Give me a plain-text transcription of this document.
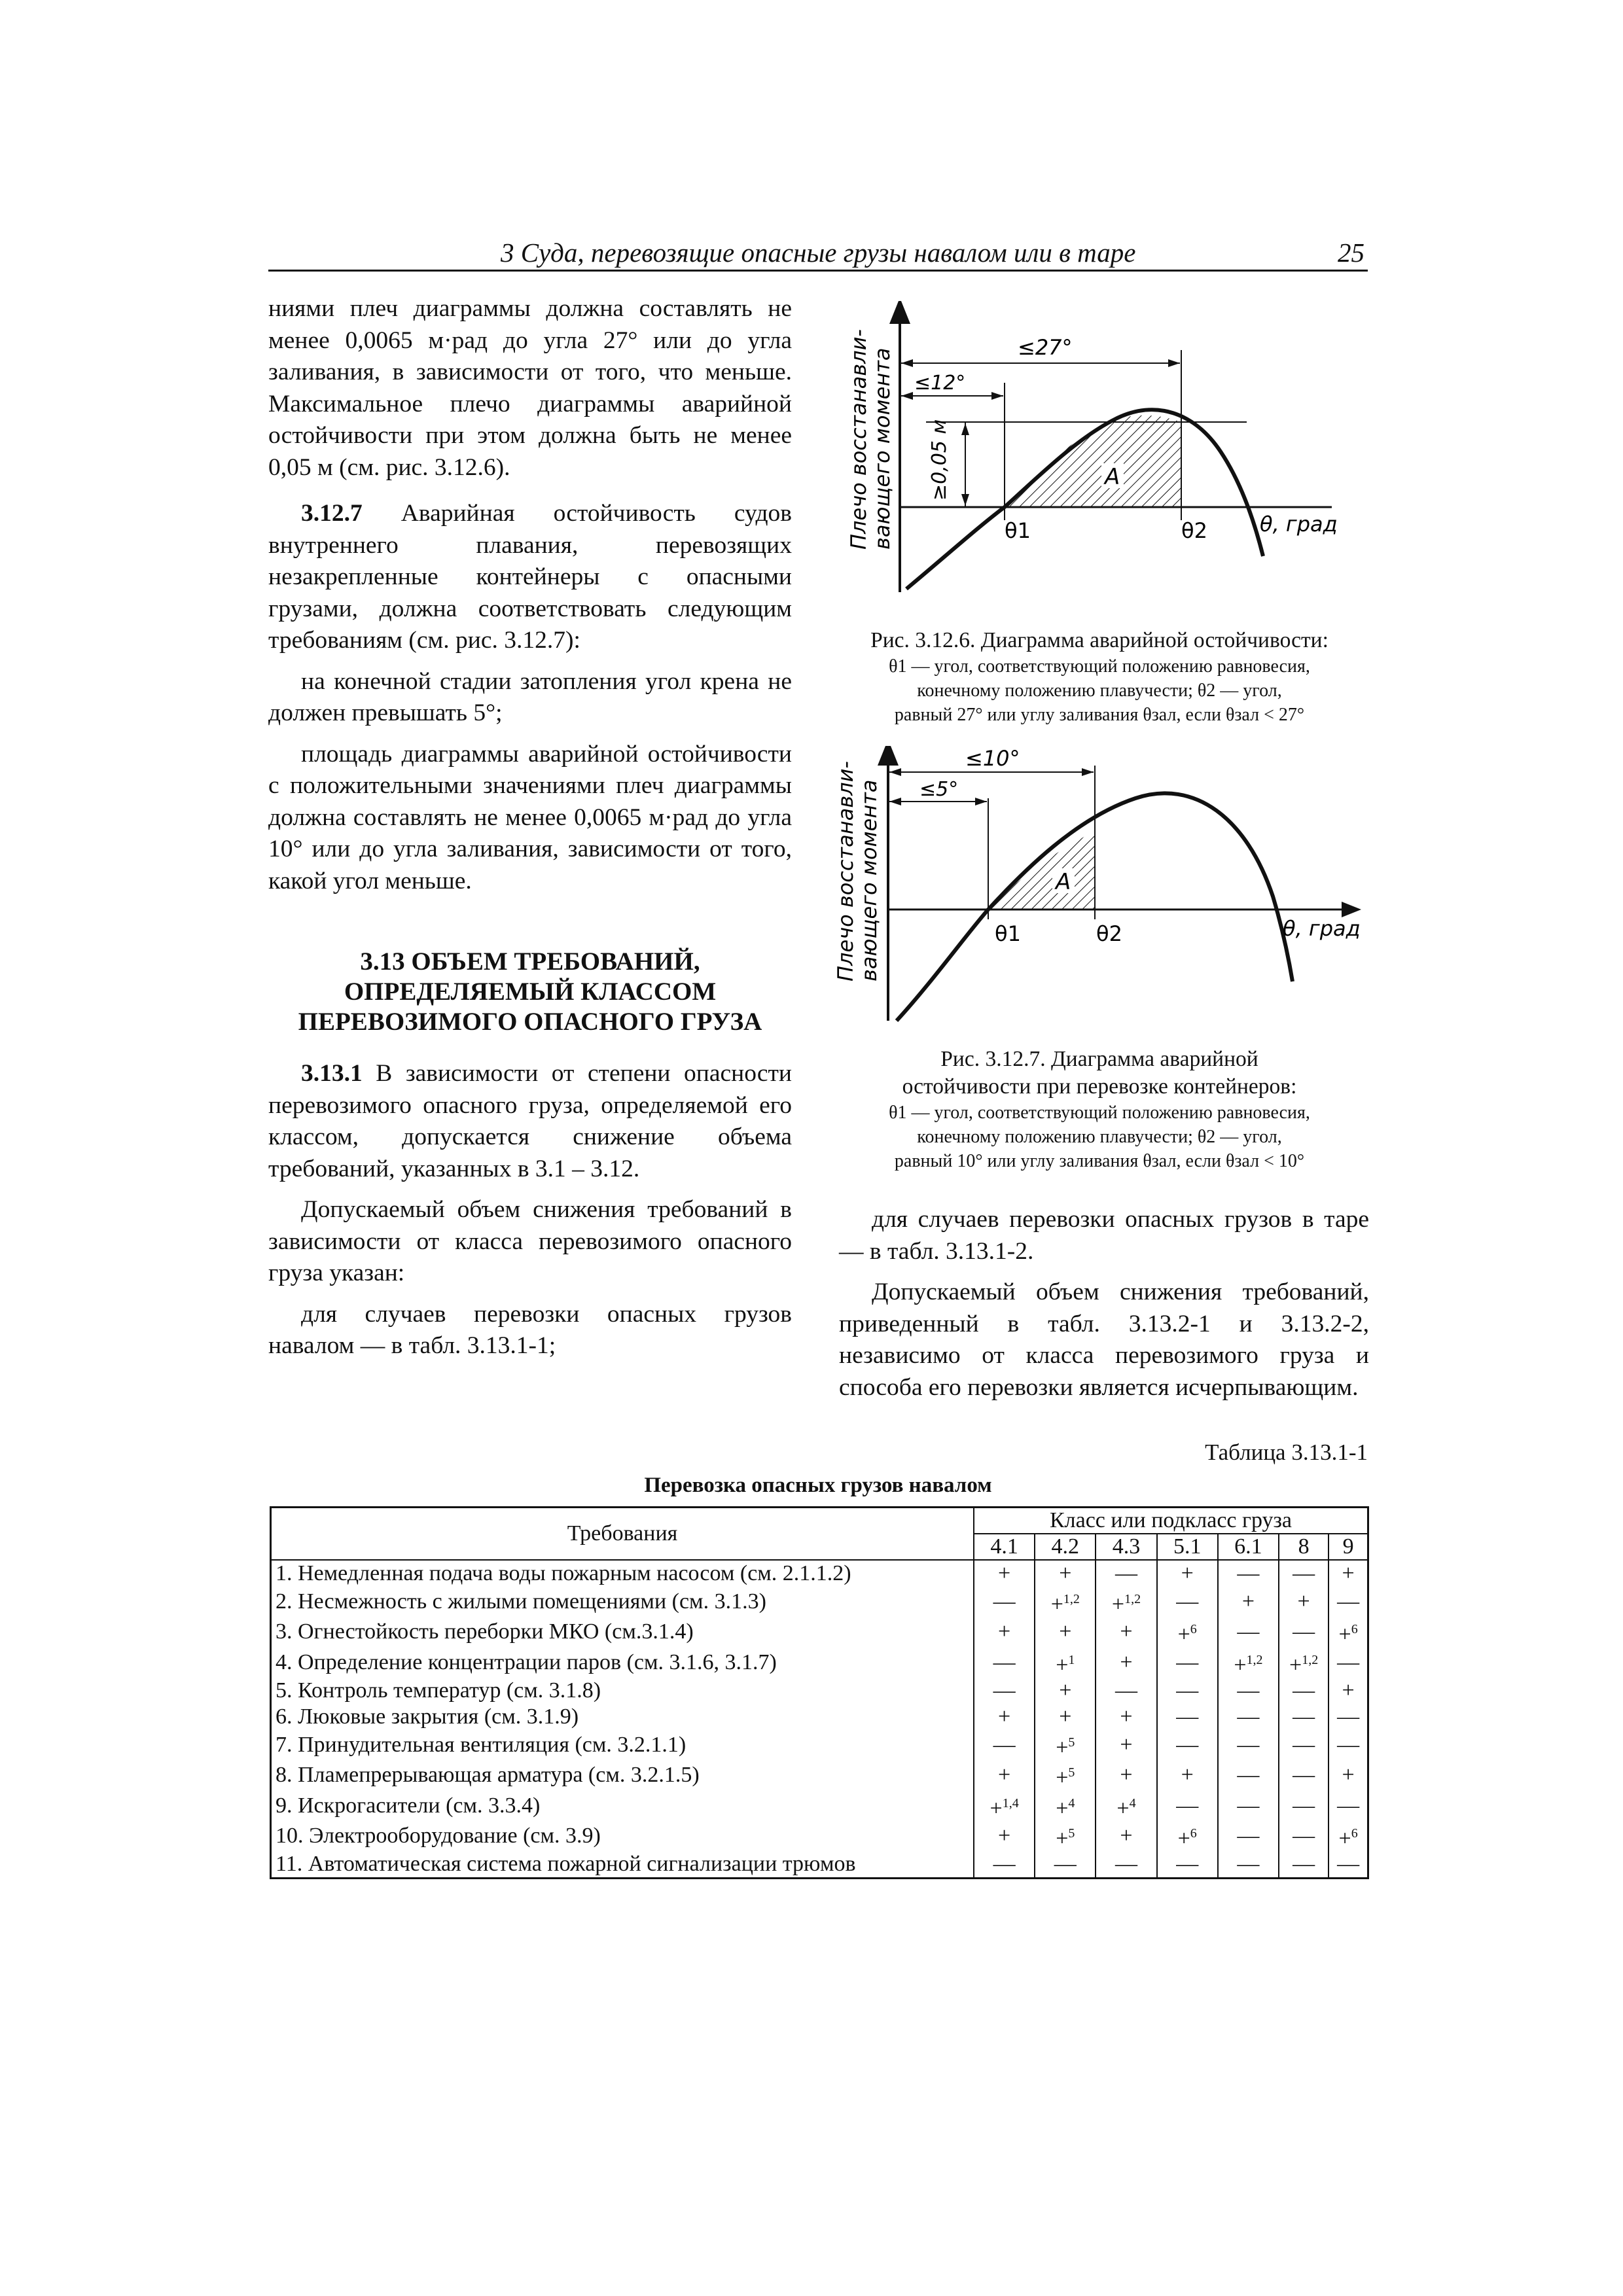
3 Суда, перевозящие опасные грузы навалом или в таре	25

ниями плеч диаграммы должна составлять не менее 0,0065 м·рад до угла 27° или до угла заливания, в зависимости от того, что меньше. Максимальное плечо диаграммы аварийной остойчивости при этом должна быть не менее 0,05 м (см. рис. 3.12.6).

3.12.7 Аварийная остойчивость судов внутреннего плавания, перевозящих незакрепленные контейнеры с опасными грузами, должна соответствовать следующим требованиям (см. рис. 3.12.7):

на конечной стадии затопления угол крена не должен превышать 5°;

площадь диаграммы аварийной остойчивости с положительными значениями плеч диаграммы должна составлять не менее 0,0065 м·рад до угла 10° или до угла заливания, зависимости от того, какой угол меньше.

3.13 ОБЪЕМ ТРЕБОВАНИЙ, ОПРЕДЕЛЯЕМЫЙ КЛАССОМ ПЕРЕВОЗИМОГО ОПАСНОГО ГРУЗА

3.13.1 В зависимости от степени опасности перевозимого опасного груза, определяемой его классом, допускается снижение объема требований, указанных в 3.1 – 3.12.

Допускаемый объем снижения требований в зависимости от класса перевозимого опасного груза указан:

для случаев перевозки опасных грузов навалом — в табл. 3.13.1-1;

≤27°
≤12°
≥0,05 м
Плечо восстанавли-
вающего момента	A
θ1	θ2	θ, град
Рис. 3.12.6. Диаграмма аварийной остойчивости:
θ1 — угол, соответствующий положению равновесия,
конечному положению плавучести; θ2 — угол,
равный 27° или углу заливания θзал, если θзал < 27°
≤10°
≤5°
Плечо восстанавли-
вающего момента	A
θ1	θ2	θ, град
Рис. 3.12.7. Диаграмма аварийной
остойчивости при перевозке контейнеров:
θ1 — угол, соответствующий положению равновесия,
конечному положению плавучести; θ2 — угол,
равный 10° или углу заливания θзал, если θзал < 10°

для случаев перевозки опасных грузов в таре — в табл. 3.13.1-2.

Допускаемый объем снижения требований, приведенный в табл. 3.13.2-1 и 3.13.2-2, независимо от класса перевозимого груза и способа его перевозки является исчерпывающим.

Таблица 3.13.1-1
Перевозка опасных грузов навалом
Требования	Класс или подкласс груза						
	4.1	4.2	4.3	5.1	6.1	8	9
1. Немедленная подача воды пожарным насосом (см. 2.1.1.2)	+	+	—	+	—	—	+
2. Несмежность с жилыми помещениями (см. 3.1.3)	—	+$^{1,2}$	+$^{1,2}$	—	+	+	—
3. Огнестойкость переборки МКО (см.3.1.4)	+	+	+	+$^6$	—	—	+$^6$
4. Определение концентрации паров (см. 3.1.6, 3.1.7)	—	+$^1$	+	—	+$^{1,2}$	+$^{1,2}$	—
5. Контроль температур (см. 3.1.8)	—	+	—	—	—	—	+
6. Люковые закрытия (см. 3.1.9)	+	+	+	—	—	—	—
7. Принудительная вентиляция (см. 3.2.1.1)	—	+$^5$	+	—	—	—	—
8. Пламепрерывающая арматура (см. 3.2.1.5)	+	+$^5$	+	+	—	—	+
9. Искрогасители (см. 3.3.4)	+$^{1,4}$	+$^4$	+$^4$	—	—	—	—
10. Электрооборудование (см. 3.9)	+	+$^5$	+	+$^6$	—	—	+$^6$
11. Автоматическая система пожарной сигнализации трюмов	—	—	—	—	—	—	—
